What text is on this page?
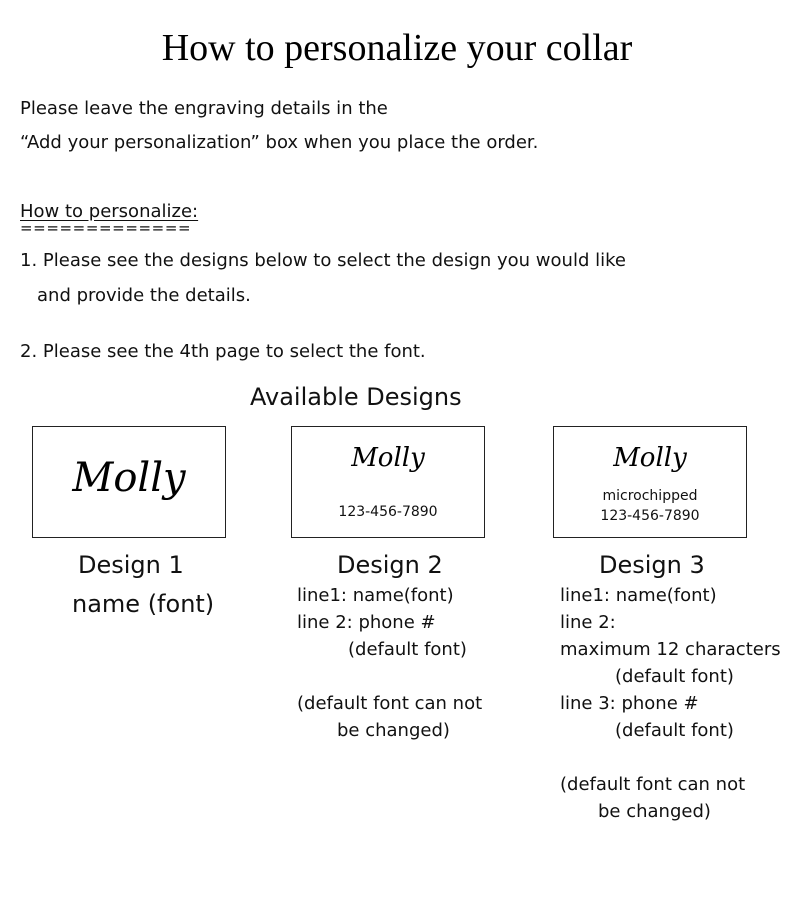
How to personalize your collar
Please leave the engraving details in the
“Add your personalization” box when you place the order.
How to personalize:
=============
1. Please see the designs below to select the design you would like
and provide the details.
2. Please see the 4th page to select the font.
Available Designs
Molly	Molly
123-456-7890
Molly
microchipped
123-456-7890
Design 1
name (font)
Design 2
line1: name(font)
line 2: phone #
(default font)
(default font can not
be changed)
Design 3
line1: name(font)
line 2:
maximum 12 characters
(default font)
line 3: phone #
(default font)
(default font can not
be changed)
